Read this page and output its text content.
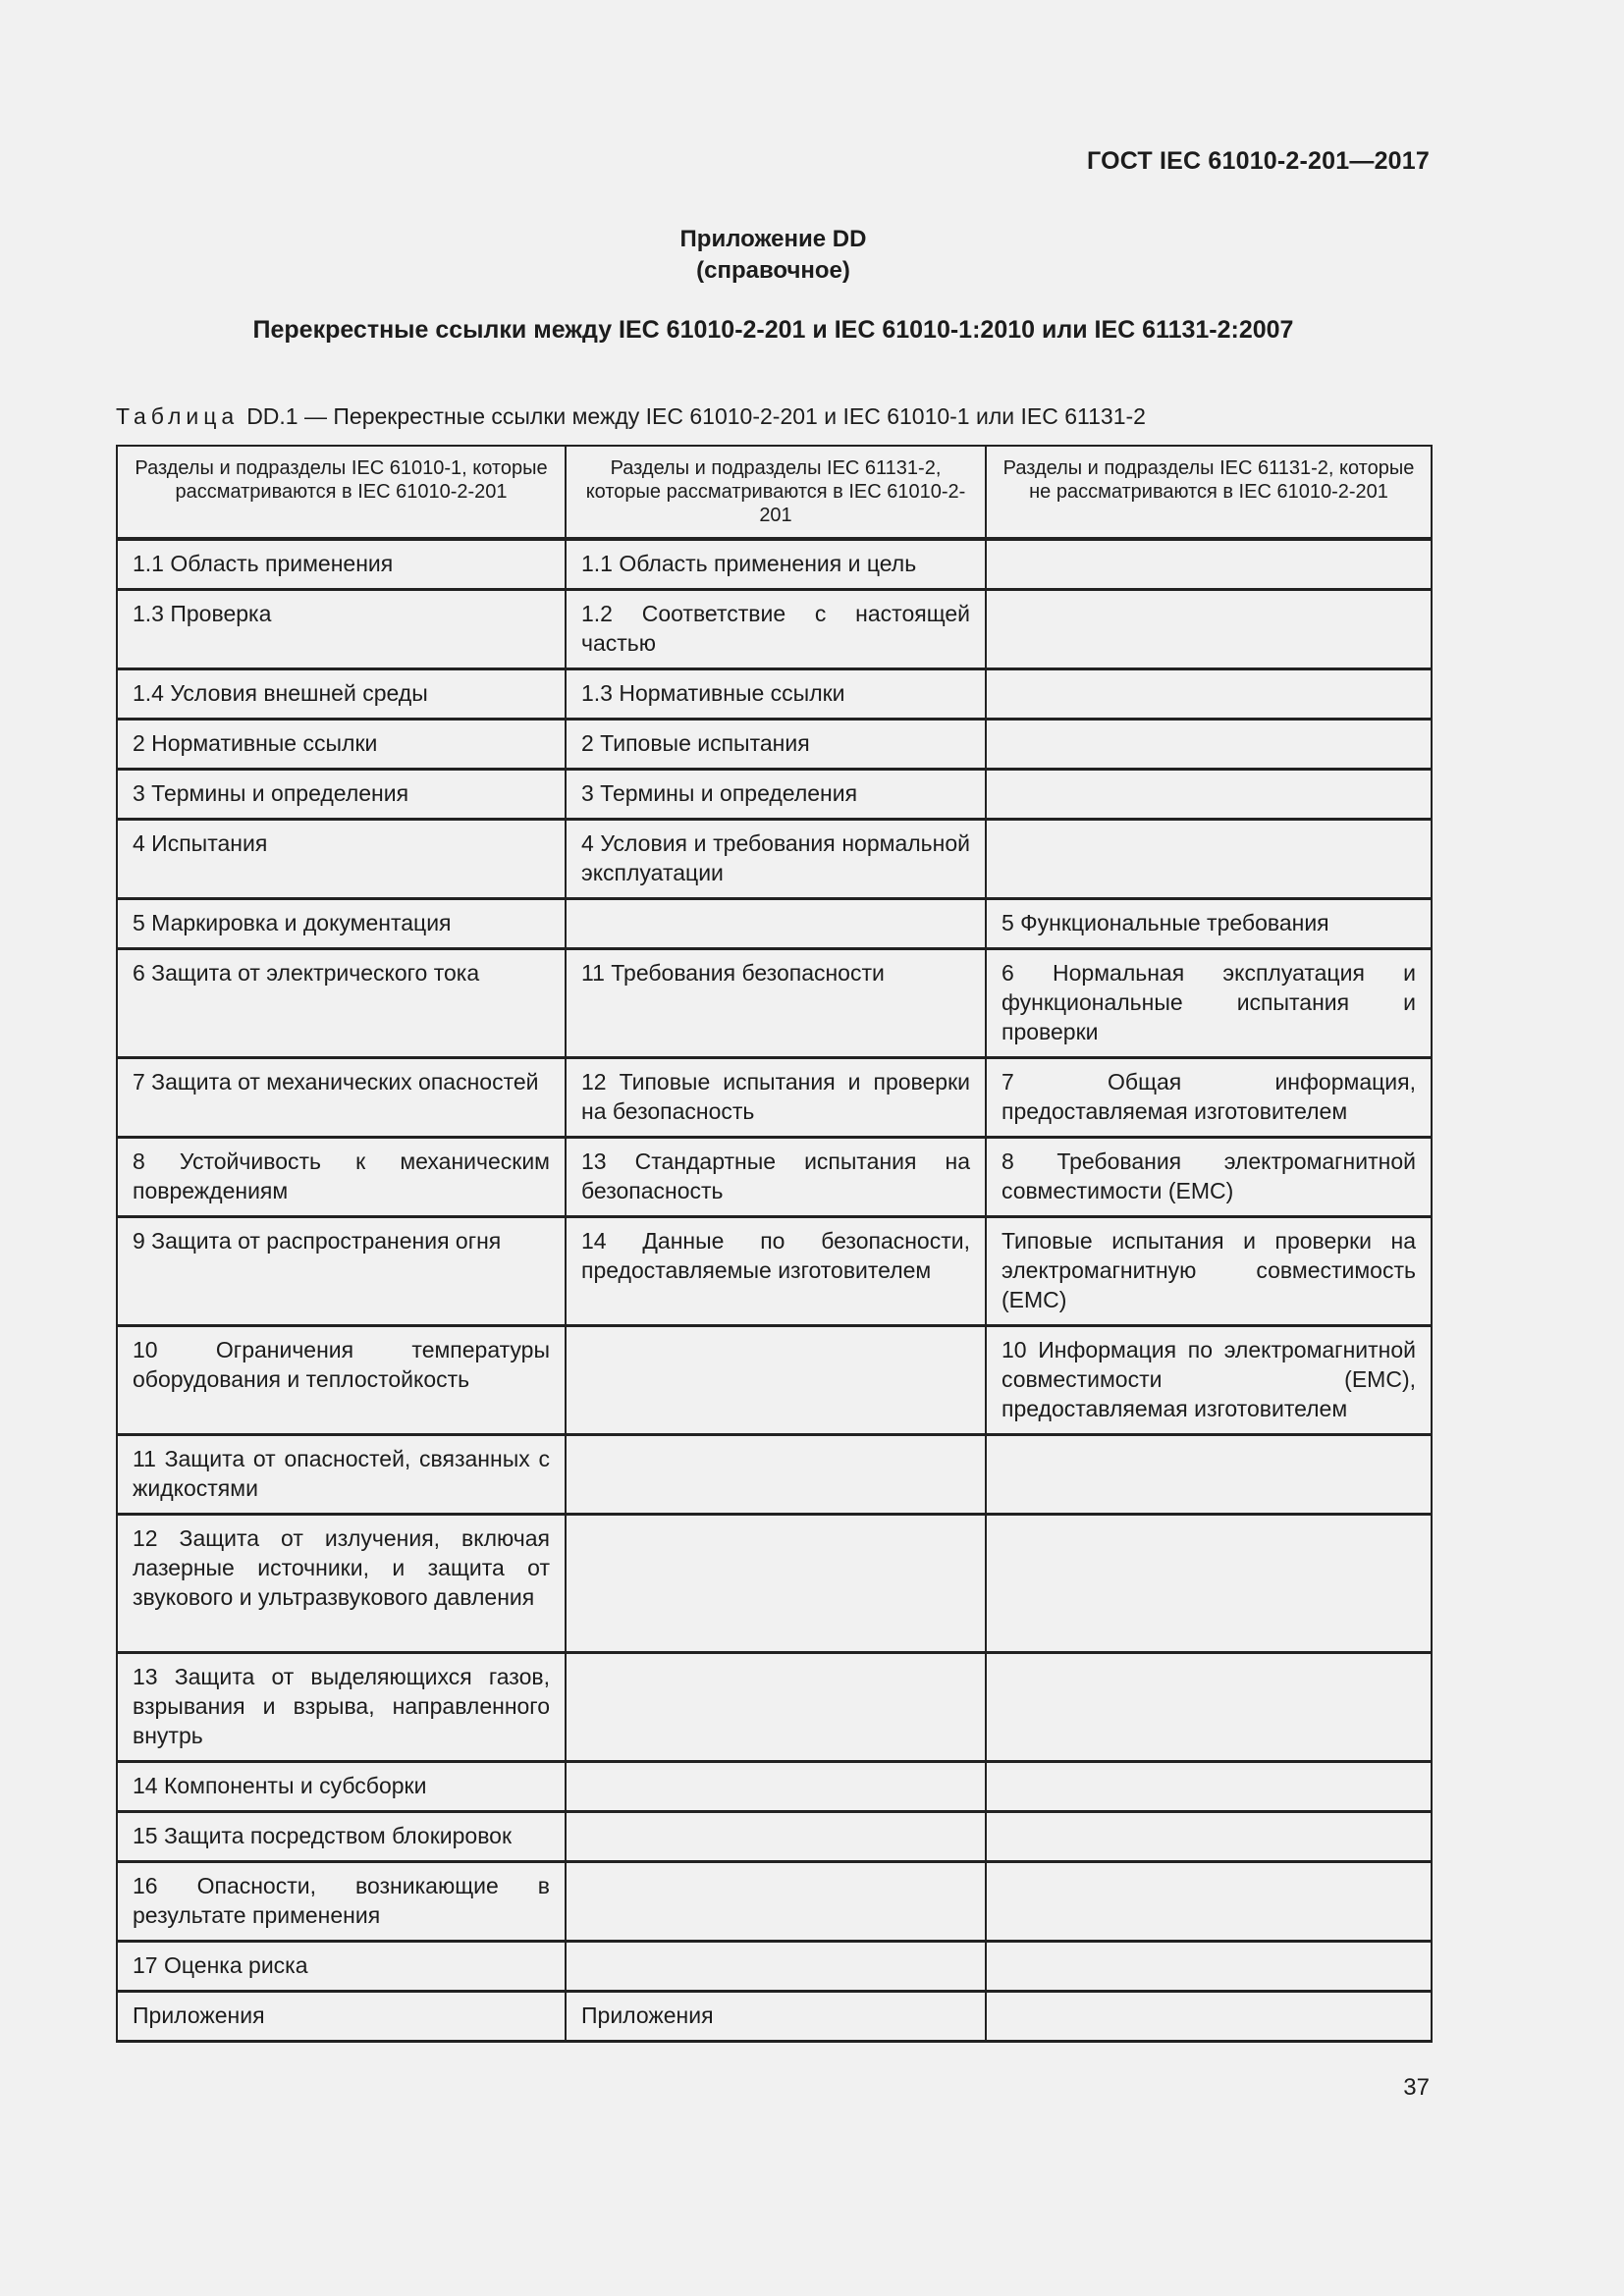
ГОСТ IEC 61010-2-201—2017
Приложение DD
(справочное)
Перекрестные ссылки между IEC 61010-2-201 и IEC 61010-1:2010 или IEC 61131-2:2007
Таблица DD.1 — Перекрестные ссылки между IEC 61010-2-201 и IEC 61010-1 или IEC 61131-2
Разделы и подразделы IEC 61010-1, которые рассматриваются в IEC 61010-2-201	Разделы и подразделы IEC 61131-2, которые рассматриваются в IEC 61010-2-201	Разделы и подразделы IEC 61131-2, которые не рассматриваются в IEC 61010-2-201
1.1 Область применения	1.1 Область применения и цель	
1.3 Проверка	1.2 Соответствие с настоящей частью	
1.4 Условия внешней среды	1.3 Нормативные ссылки	
2 Нормативные ссылки	2 Типовые испытания	
3 Термины и определения	3 Термины и определения	
4 Испытания	4 Условия и требования нормальной эксплуатации	
5 Маркировка и документация		5 Функциональные требования
6 Защита от электрического тока	11 Требования безопасности	6 Нормальная эксплуатация и функциональные испытания и проверки
7 Защита от механических опасностей	12 Типовые испытания и проверки на безопасность	7 Общая информация, предоставляемая изготовителем
8 Устойчивость к механическим повреждениям	13 Стандартные испытания на безопасность	8 Требования электромагнитной совместимости (EMC)
9 Защита от распространения огня	14 Данные по безопасности, предоставляемые изготовителем	Типовые испытания и проверки на электромагнитную совместимость (EMC)
10 Ограничения температуры оборудования и теплостойкость		10 Информация по электромагнитной совместимости (EMC), предоставляемая изготовителем
11 Защита от опасностей, связанных с жидкостями		
12 Защита от излучения, включая лазерные источники, и защита от звукового и ультразвукового давления		
13 Защита от выделяющихся газов, взрывания и взрыва, направленного внутрь		
14 Компоненты и субсборки		
15 Защита посредством блокировок		
16 Опасности, возникающие в результате применения		
17 Оценка риска		
Приложения	Приложения	
37
